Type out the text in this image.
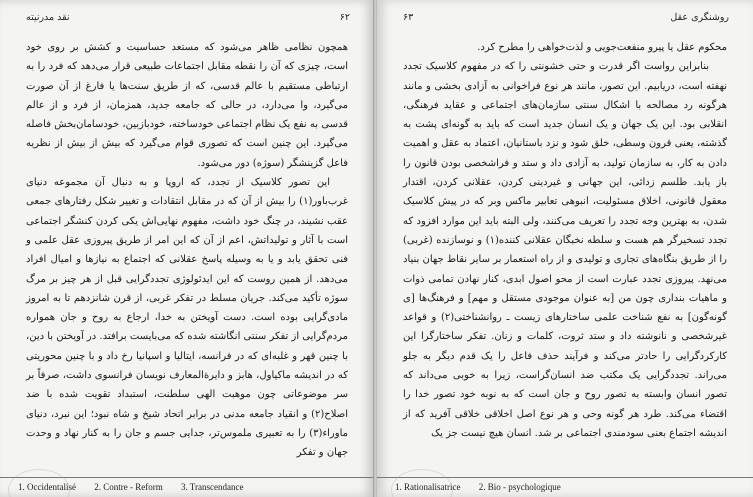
۶۲
نقد مدرنیته

همچون نظامی ظاهر می‌شود که مستعد حساسیت و کشش بر روی خود است، چیزی که آن را نقطه مقابل اجتماعات طبیعی قرار می‌دهد که فرد را به ارتباطی مستقیم با عالم قدسی، که از طریق سنت‌ها یا فارغ از آن صورت می‌گیرد، وا می‌دارد، در حالی که جامعه جدید، همزمان، از فرد و از عالم قدسی به نفع یک نظام اجتماعی خودساخته، خودبازبین، خودسامان‌بخش فاصله می‌گیرد. این چنین است که تصوری قوام می‌گیرد که بیش از بیش از نظریه فاعل گزینشگر (سوژه) دور می‌شود.

این تصور کلاسیک از تجدد، که اروپا و به دنبال آن مجموعه دنیای غرب‌باور(۱) را بیش از آن که در مقابل انتقادات و تغییر شکل رفتارهای جمعی عقب نشیند، در چنگ خود داشت، مفهوم نهایی‌اش یکی کردن کنشگر اجتماعی است با آثار و تولیداتش، اعم از آن که این امر از طریق پیروزی عقل علمی و فنی تحقق یابد و یا به وسیله پاسخ عقلانی که اجتماع به نیازها و امیال افراد می‌دهد. از همین روست که این ایدئولوژی تجددگرایی قبل از هر چیز بر مرگ سوژه تأکید می‌کند. جریان مسلط در تفکر غربی، از قرن شانزدهم تا به امروز مادی‌گرایی بوده است. دست آویختن به خدا، ارجاع به روح و جان همواره مردم‌گرایی از تفکر سنتی انگاشته شده که می‌بایست برافتد. در آویختن با دین، با چنین قهر و غلبه‌ای که در فرانسه، ایتالیا و اسپانیا رخ داد و با چنین محوریتی که در اندیشه ماکیاول، هابز و دایرةالمعارف نویسان فرانسوی داشت، صرفاً بر سر موضوعاتی چون موهبت الهی سلطنت، استبداد تقویت شده با ضد اصلاح(۲) و انقیاد جامعه مدنی در برابر اتحاد شیخ و شاه نبود؛ این نبرد، دنیای ماوراء(۳) را به تعبیری ملموس‌تر، جدایی جسم و جان را به کنار نهاد و وحدت جهان و تفکر

1. Occidentalisé 2. Contre - Reform 3. Transcendance
۶۳	روشنگری عقل

محکوم عقل یا پیرو منفعت‌جویی و لذت‌خواهی را مطرح کرد.

بنابراین رواست اگر قدرت و حتی خشونتی را که در مفهوم کلاسیک تجدد نهفته است، دریابیم. این تصور، مانند هر نوع فراخوانی به آزادی بخشی و مانند هرگونه رد مصالحه با اشکال سنتی سازمان‌های اجتماعی و عقاید فرهنگی، انقلابی بود. این یک جهان و یک انسان جدید است که باید به گونه‌ای پشت به گذشته، یعنی قرون وسطی، خلق شود و نزد باستانیان، اعتماد به عقل و اهمیت دادن به کار، به سازمان تولید، به آزادی داد و ستد و فراشخصی بودن قانون را باز یابد. طلسم زدائی، این جهانی و غیردینی کردن، عقلانی کردن، اقتدار معقول قانونی، اخلاق مسئولیت، انبوهی تعابیر ماکس وبر که در پیش کلاسیک شدن، به بهترین وجه تجدد را تعریف می‌کنند، ولی البته باید این موارد افزود که تجدد تسخیرگر هم هست و سلطه نخبگان عقلانی کننده(۱) و نوسازنده (غربی) را از طریق بنگاه‌های تجاری و تولیدی و از راه استعمار بر سایر نقاط جهان بنیاد می‌نهد. پیروزی تجدد عبارت است از محو اصول ابدی، کنار نهادن تمامی ذوات و ماهیات بنداری چون من [به عنوان موجودی مستقل و مهم] و فرهنگ‌ها [ی گونه‌گون] به نفع شناخت علمی ساختارهای زیست ـ روانشناختی(۲) و قواعد غیرشخصی و نانوشته داد و ستد ثروت، کلمات و زنان. تفکر ساختارگرا این کارکردگرایی را حادتر می‌کند و فرآیند حذف فاعل را یک قدم دیگر به جلو می‌راند. تجددگرایی یک مکتب ضد انسان‌گراست، زیرا به خوبی می‌داند که تصور انسان وابسته به تصور روح و جان است که به نوبه خود تصور خدا را اقتضاء می‌کند. طرد هر گونه وحی و هر نوع اصل اخلاقی خلاقی آفرید که از اندیشه اجتماع بعنی سودمندی اجتماعی بر شد. انسان هیچ نیست جز یک

1. Rationalisatrice 2. Bio - psychologique
